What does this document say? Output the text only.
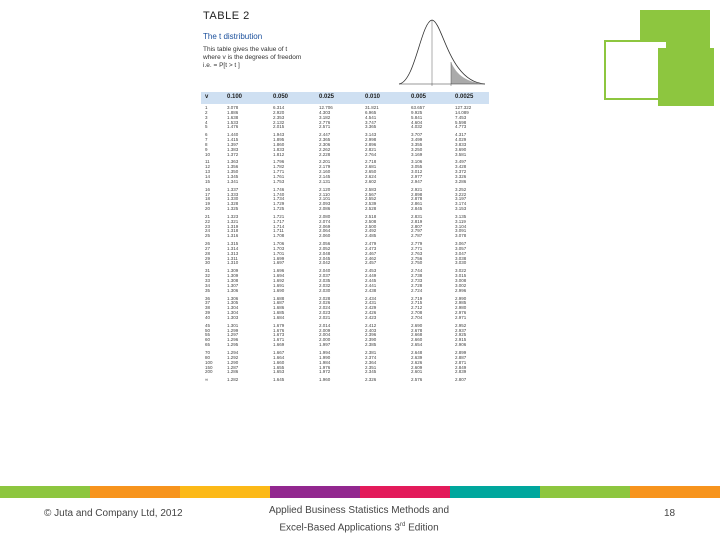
TABLE 2
The t distribution
This table gives the value of t
where v is the degrees of freedom
i.e. = P[t > t ]
v	0.100	0.050	0.025	0.010	0.005	0.0025
1	3.078	6.314	12.706	31.821	63.657	127.322
2	1.886	2.920	4.303	6.965	9.925	14.089
3	1.638	2.353	3.182	4.541	5.841	7.453
4	1.533	2.132	2.776	3.747	4.604	5.598
5	1.476	2.015	2.571	3.365	4.032	4.773
6	1.440	1.943	2.447	3.143	3.707	4.317
7	1.415	1.895	2.365	2.998	3.499	4.029
8	1.397	1.860	2.306	2.896	3.355	3.833
9	1.383	1.833	2.262	2.821	3.250	3.690
10	1.372	1.812	2.228	2.764	3.169	3.581
11	1.363	1.796	2.201	2.718	3.106	3.497
12	1.356	1.782	2.179	2.681	3.055	3.428
13	1.350	1.771	2.160	2.650	3.012	3.372
14	1.345	1.761	2.145	2.624	2.977	3.326
15	1.341	1.753	2.131	2.602	2.947	3.286
16	1.337	1.746	2.120	2.583	2.921	3.252
17	1.333	1.740	2.110	2.567	2.898	3.222
18	1.330	1.734	2.101	2.552	2.878	3.197
19	1.328	1.729	2.093	2.539	2.861	3.174
20	1.325	1.725	2.086	2.528	2.845	3.153
21	1.323	1.721	2.080	2.518	2.831	3.135
22	1.321	1.717	2.074	2.508	2.819	3.119
23	1.319	1.714	2.069	2.500	2.807	3.104
24	1.318	1.711	2.064	2.492	2.797	3.091
25	1.316	1.708	2.060	2.485	2.787	3.078
26	1.315	1.706	2.056	2.479	2.779	3.067
27	1.314	1.703	2.052	2.473	2.771	3.057
28	1.313	1.701	2.048	2.467	2.763	3.047
29	1.311	1.699	2.045	2.462	2.756	3.038
30	1.310	1.697	2.042	2.457	2.750	3.030
31	1.309	1.696	2.040	2.453	2.744	3.022
32	1.309	1.694	2.037	2.449	2.738	3.015
33	1.308	1.692	2.035	2.445	2.733	3.008
34	1.307	1.691	2.032	2.441	2.728	3.002
35	1.306	1.690	2.030	2.438	2.724	2.996
36	1.306	1.688	2.028	2.434	2.719	2.990
37	1.305	1.687	2.026	2.431	2.715	2.985
38	1.304	1.686	2.024	2.429	2.712	2.980
39	1.304	1.685	2.023	2.426	2.708	2.976
40	1.303	1.684	2.021	2.423	2.704	2.971
45	1.301	1.679	2.014	2.412	2.690	2.952
50	1.299	1.676	2.009	2.403	2.678	2.937
55	1.297	1.673	2.004	2.396	2.668	2.925
60	1.296	1.671	2.000	2.390	2.660	2.915
65	1.295	1.669	1.997	2.385	2.654	2.906
70	1.294	1.667	1.994	2.381	2.648	2.899
80	1.292	1.664	1.990	2.374	2.639	2.887
100	1.290	1.660	1.984	2.364	2.626	2.871
150	1.287	1.655	1.976	2.351	2.609	2.849
200	1.286	1.653	1.972	2.345	2.601	2.839
∞	1.282	1.645	1.960	2.326	2.576	2.807
© Juta and Company Ltd, 2012	Applied Business Statistics Methods and
Excel-Based Applications 3rd Edition
18
